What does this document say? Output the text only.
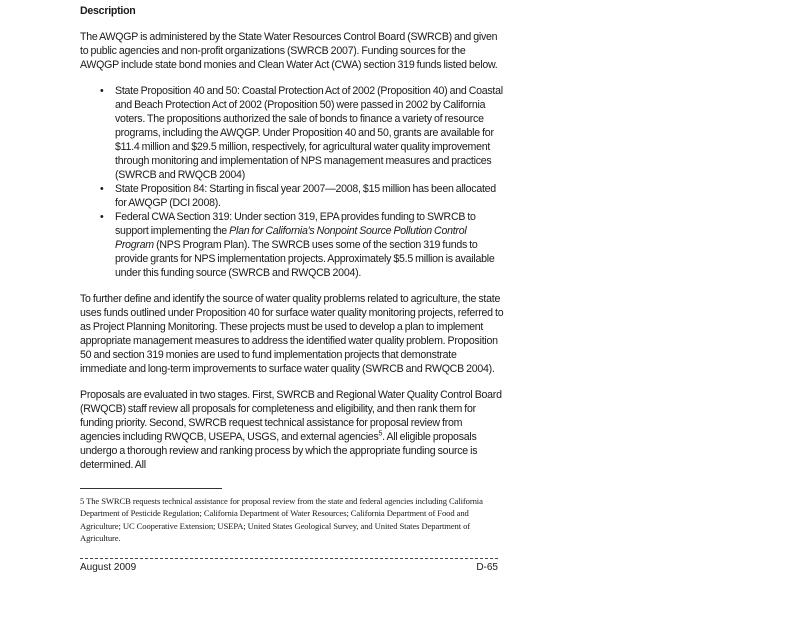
Description

The AWQGP is administered by the State Water Resources Control Board (SWRCB) and given to public agencies and non-profit organizations (SWRCB 2007). Funding sources for the AWQGP include state bond monies and Clean Water Act (CWA) section 319 funds listed below.

• State Proposition 40 and 50: Coastal Protection Act of 2002 (Proposition 40) and Coastal and Beach Protection Act of 2002 (Proposition 50) were passed in 2002 by California voters. The propositions authorized the sale of bonds to finance a variety of resource programs, including the AWQGP. Under Proposition 40 and 50, grants are available for $11.4 million and $29.5 million, respectively, for agricultural water quality improvement through monitoring and implementation of NPS management measures and practices (SWRCB and RWQCB 2004)
• State Proposition 84: Starting in fiscal year 2007—2008, $15 million has been allocated for AWQGP (DCI 2008).
• Federal CWA Section 319: Under section 319, EPA provides funding to SWRCB to support implementing the Plan for California's Nonpoint Source Pollution Control Program (NPS Program Plan). The SWRCB uses some of the section 319 funds to provide grants for NPS implementation projects. Approximately $5.5 million is available under this funding source (SWRCB and RWQCB 2004).

To further define and identify the source of water quality problems related to agriculture, the state uses funds outlined under Proposition 40 for surface water quality monitoring projects, referred to as Project Planning Monitoring. These projects must be used to develop a plan to implement appropriate management measures to address the identified water quality problem. Proposition 50 and section 319 monies are used to fund implementation projects that demonstrate immediate and long-term improvements to surface water quality (SWRCB and RWQCB 2004).

Proposals are evaluated in two stages. First, SWRCB and Regional Water Quality Control Board (RWQCB) staff review all proposals for completeness and eligibility, and then rank them for funding priority. Second, SWRCB request technical assistance for proposal review from agencies including RWQCB, USEPA, USGS, and external agencies$^5$. All eligible proposals undergo a thorough review and ranking process by which the appropriate funding source is determined. All

5 The SWRCB requests technical assistance for proposal review from the state and federal agencies including California Department of Pesticide Regulation; California Department of Water Resources; California Department of Food and Agriculture; UC Cooperative Extension; USEPA; United States Geological Survey, and United States Department of Agriculture.
August 2009	D-65
